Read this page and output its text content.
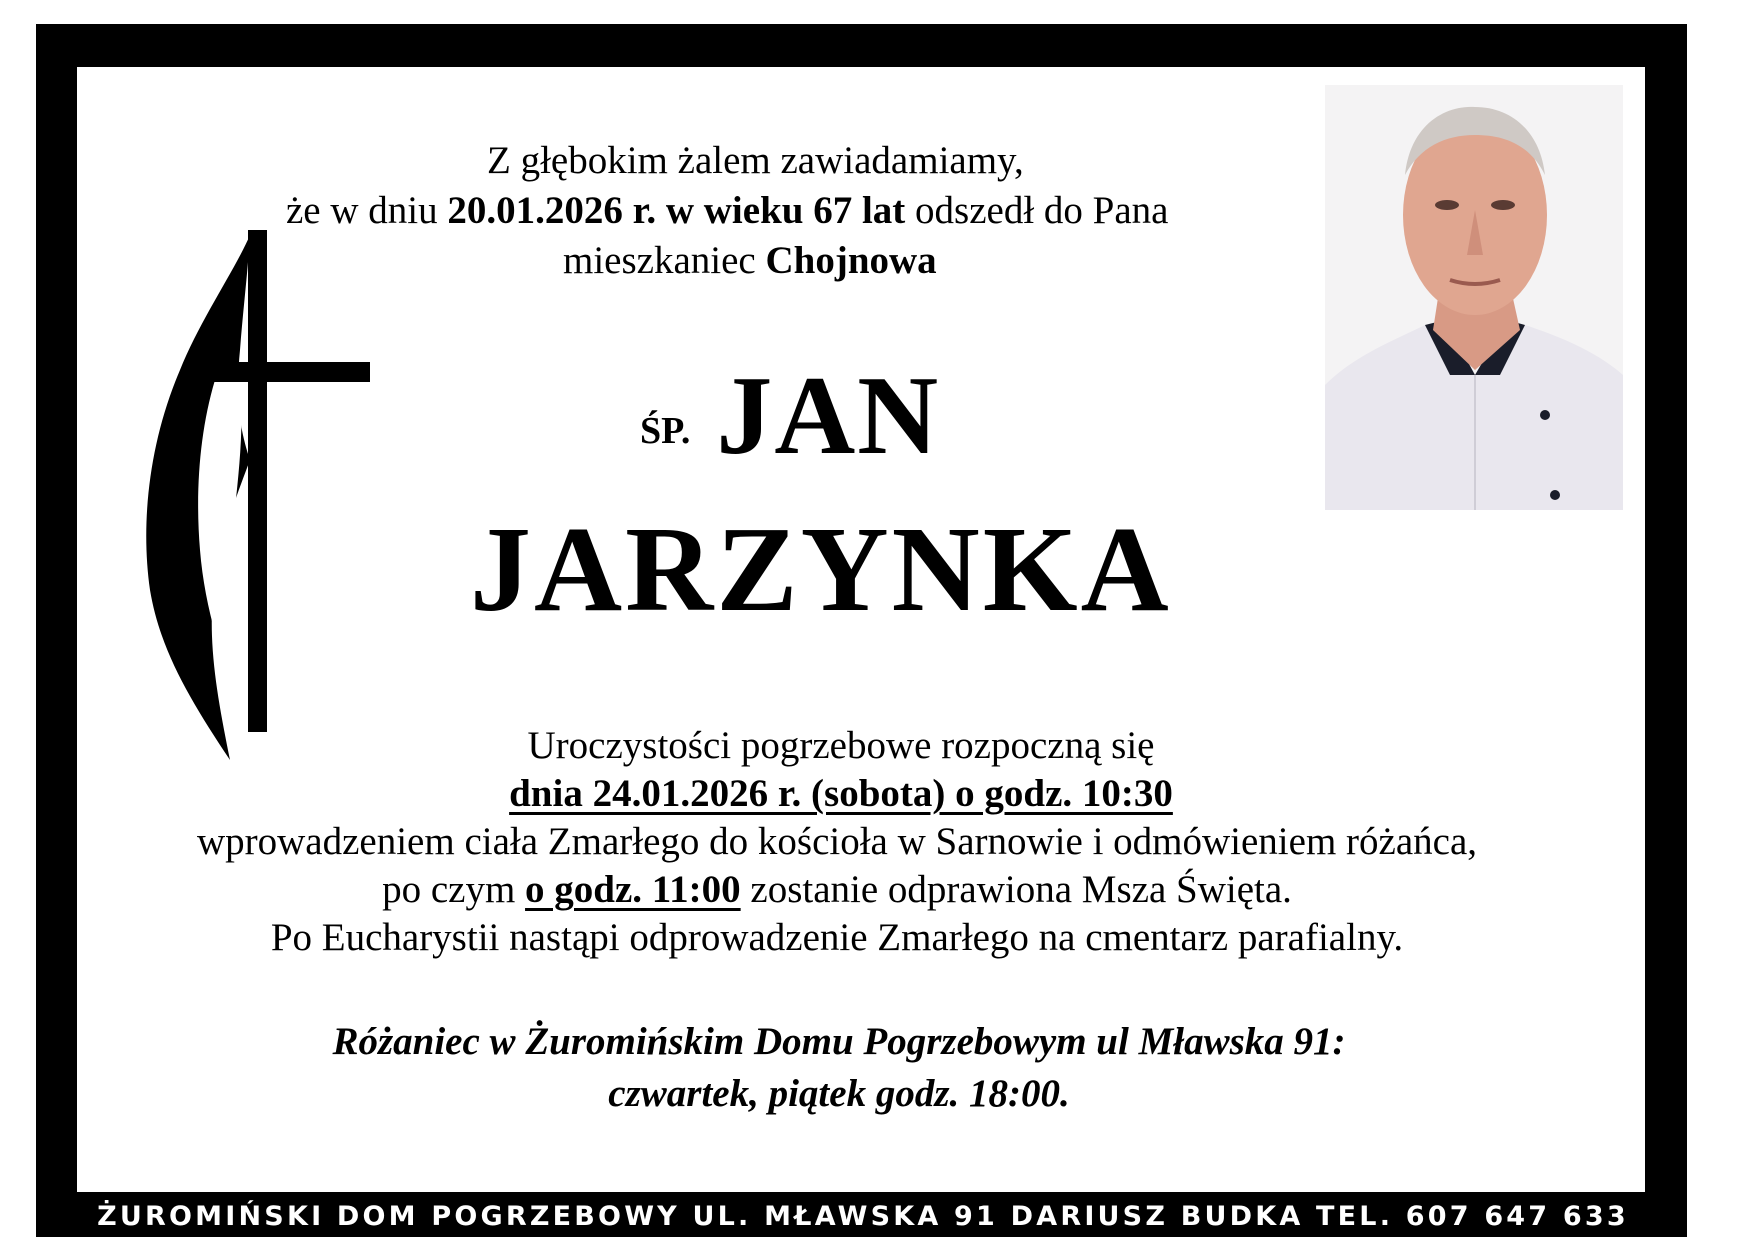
Z głębokim żalem zawiadamiamy,
że w dniu 20.01.2026 r. w wieku 67 lat odszedł do Pana
mieszkaniec Chojnowa
ŚP. JAN
JARZYNKA
Uroczystości pogrzebowe rozpoczną się
dnia 24.01.2026 r. (sobota) o godz. 10:30
wprowadzeniem ciała Zmarłego do kościoła w Sarnowie i odmówieniem różańca,
po czym o godz. 11:00 zostanie odprawiona Msza Święta.
Po Eucharystii nastąpi odprowadzenie Zmarłego na cmentarz parafialny.
Różaniec w Żuromińskim Domu Pogrzebowym ul Mławska 91:
czwartek, piątek godz. 18:00.
ŻUROMIŃSKI DOM POGRZEBOWY UL. MŁAWSKA 91 DARIUSZ BUDKA TEL. 607 647 633
